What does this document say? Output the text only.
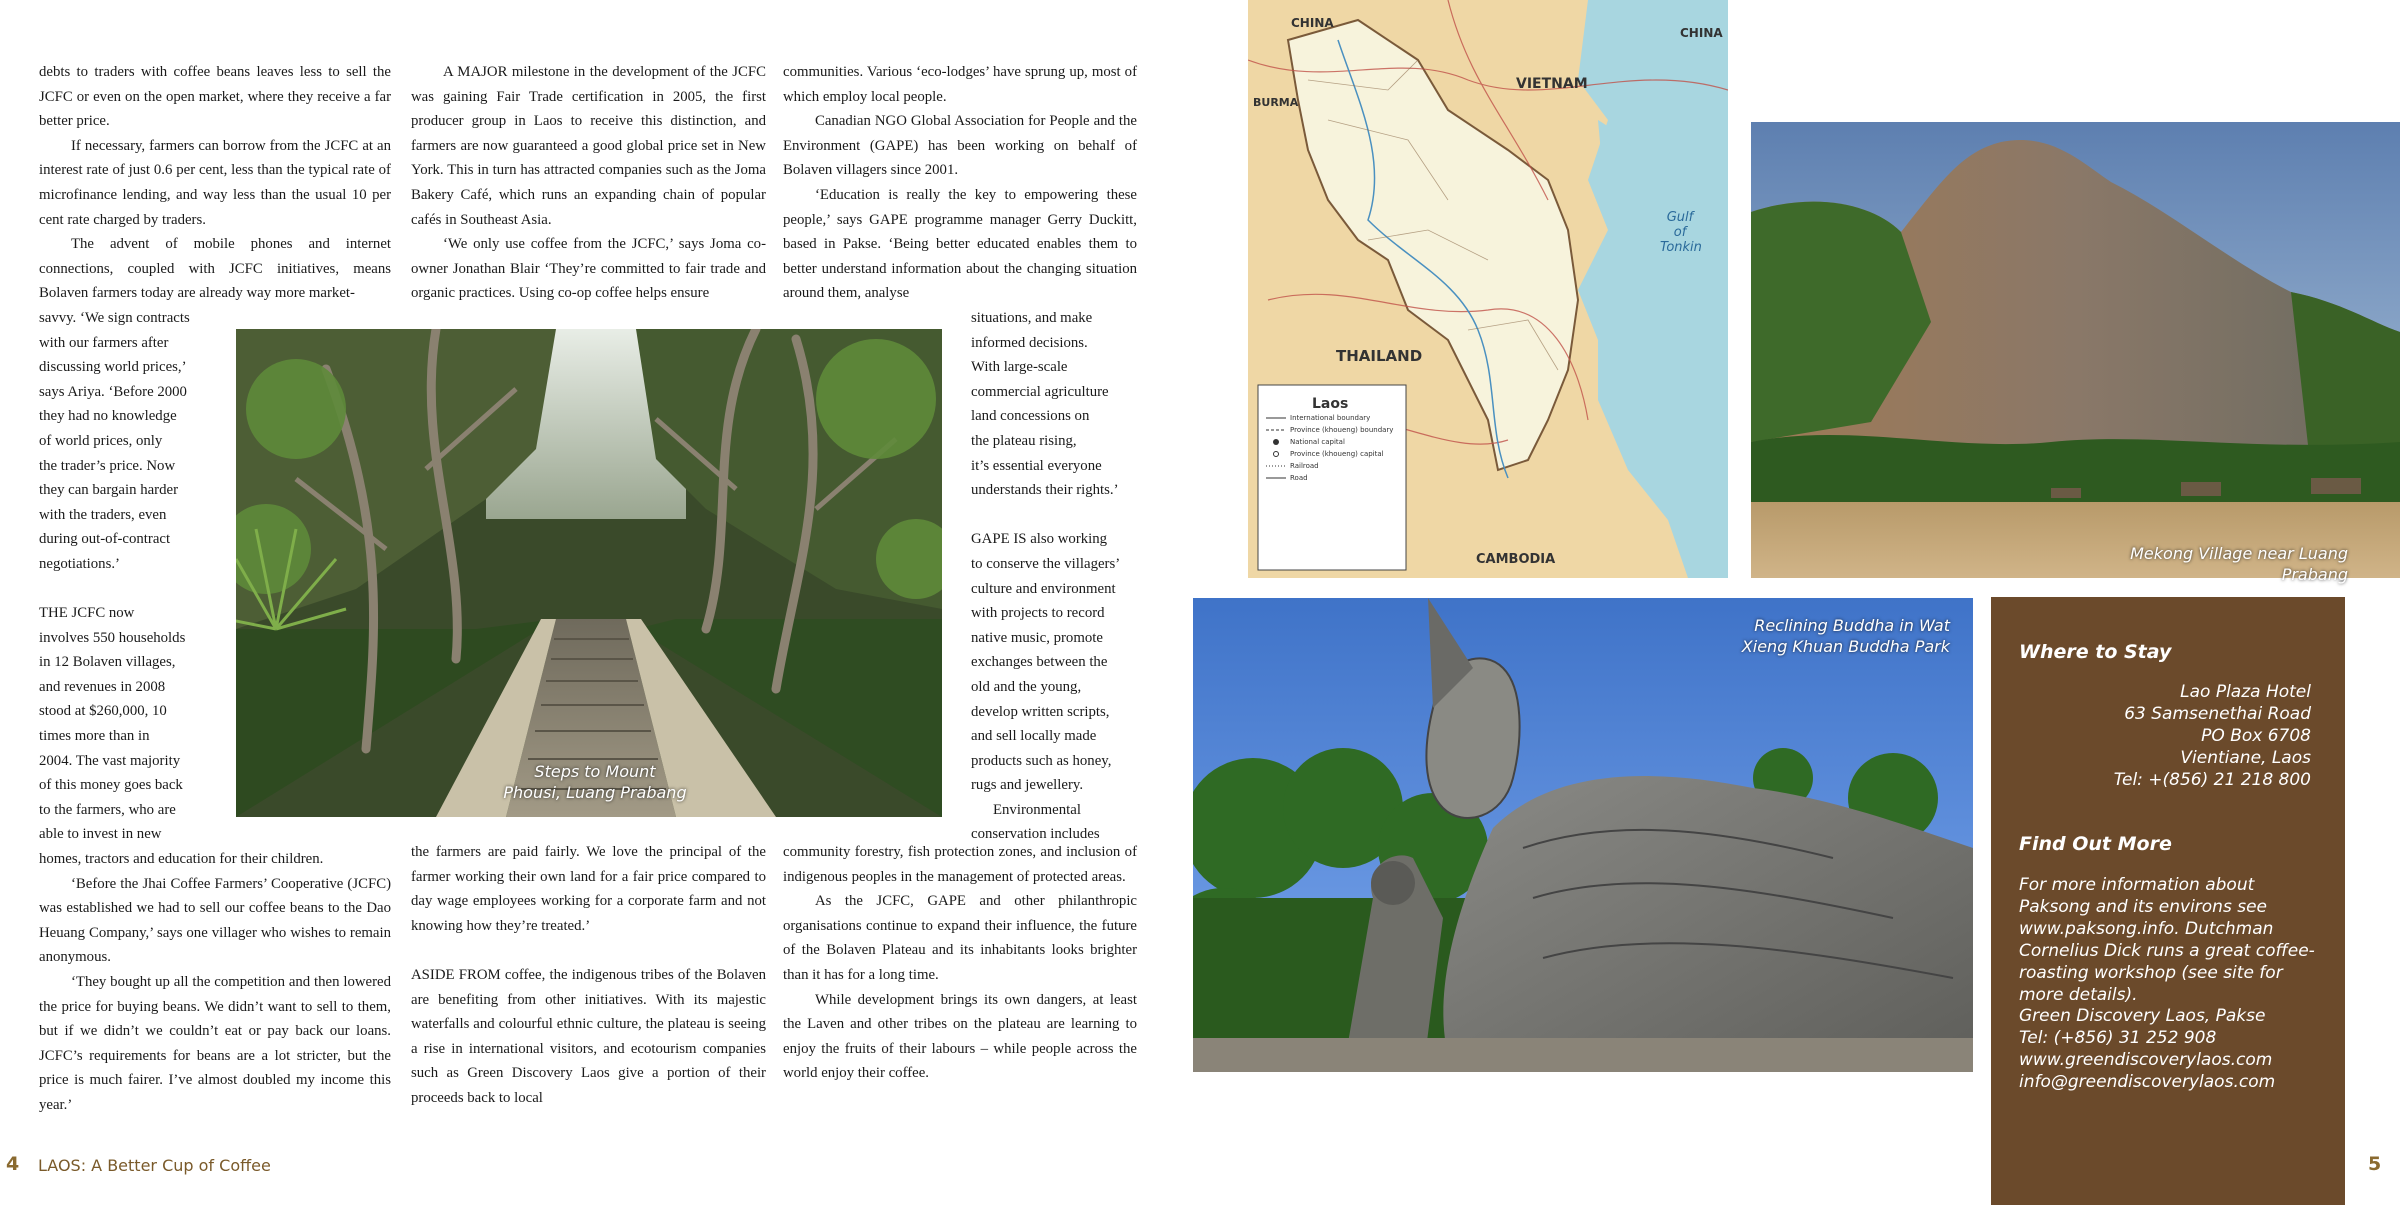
debts to traders with coffee beans leaves less to sell the JCFC or even on the open market, where they receive a far better price.

If necessary, farmers can borrow from the JCFC at an interest rate of just 0.6 per cent, less than the typical rate of microfinance lending, and way less than the usual 10 per cent rate charged by traders.

The advent of mobile phones and internet connections, coupled with JCFC initiatives, means Bolaven farmers today are already way more market-

savvy. ‘We sign contracts
with our farmers after
discussing world prices,’
says Ariya. ‘Before 2000
they had no knowledge
of world prices, only
the trader’s price. Now
they can bargain harder
with the traders, even
during out-of-contract
negotiations.’
THE JCFC now
involves 550 households
in 12 Bolaven villages,
and revenues in 2008
stood at $260,000, 10
times more than in
2004. The vast majority
of this money goes back
to the farmers, who are
able to invest in new

homes, tractors and education for their children.

‘Before the Jhai Coffee Farmers’ Cooperative (JCFC) was established we had to sell our coffee beans to the Dao Heuang Company,’ says one villager who wishes to remain anonymous.

‘They bought up all the competition and then lowered the price for buying beans. We didn’t want to sell to them, but if we didn’t we couldn’t eat or pay back our loans. JCFC’s requirements for beans are a lot stricter, but the price is much fairer. I’ve almost doubled my income this year.’

A MAJOR milestone in the development of the JCFC was gaining Fair Trade certification in 2005, the first producer group in Laos to receive this distinction, and farmers are now guaranteed a good global price set in New York. This in turn has attracted companies such as the Joma Bakery Café, which runs an expanding chain of popular cafés in Southeast Asia.

‘We only use coffee from the JCFC,’ says Joma co-owner Jonathan Blair ‘They’re committed to fair trade and organic practices. Using co-op coffee helps ensure

the farmers are paid fairly. We love the principal of the farmer working their own land for a fair price compared to day wage employees working for a corporate farm and not knowing how they’re treated.’

ASIDE FROM coffee, the indigenous tribes of the Bolaven are benefiting from other initiatives. With its majestic waterfalls and colourful ethnic culture, the plateau is seeing a rise in international visitors, and ecotourism companies such as Green Discovery Laos give a portion of their proceeds back to local

communities. Various ‘eco-lodges’ have sprung up, most of which employ local people.

Canadian NGO Global Association for People and the Environment (GAPE) has been working on behalf of Bolaven villagers since 2001.

‘Education is really the key to empowering these people,’ says GAPE programme manager Gerry Duckitt, based in Pakse. ‘Being better educated enables them to better understand information about the changing situation around them, analyse

situations, and make
informed decisions.
With large-scale
commercial agriculture
land concessions on
the plateau rising,
it’s essential everyone
understands their rights.’
GAPE IS also working
to conserve the villagers’
culture and environment
with projects to record
native music, promote
exchanges between the
old and the young,
develop written scripts,
and sell locally made
products such as honey,
rugs and jewellery.
Environmental
conservation includes

community forestry, fish protection zones, and inclusion of indigenous peoples in the management of protected areas.

As the JCFC, GAPE and other philanthropic organisations continue to expand their influence, the future of the Bolaven Plateau and its inhabitants looks brighter than it has for a long time.

While development brings its own dangers, at least the Laven and other tribes on the plateau are learning to enjoy the fruits of their labours – while people across the world enjoy their coffee.

Steps to Mount
Phousi, Luang Prabang
4 LAOS: A Better Cup of Coffee
CHINA
CHINA
BURMA
VIETNAM
THAILAND
CAMBODIA
Gulf
of
Tonkin
Laos
International boundary
Province (khoueng) boundary
National capital
Province (khoueng) capital
Railroad
Road
Mekong Village near Luang Prabang
Reclining Buddha in Wat
Xieng Khuan Buddha Park	Where to Stay
Lao Plaza Hotel
63 Samsenethai Road
PO Box 6708
Vientiane, Laos
Tel: +(856) 21 218 800
Find Out More
For more information about Paksong and its environs see www.paksong.info. Dutchman Cornelius Dick runs a great coffee-roasting workshop (see site for more details).
Green Discovery Laos, Pakse
Tel: (+856) 31 252 908
www.greendiscoverylaos.com
info@greendiscoverylaos.com
5
